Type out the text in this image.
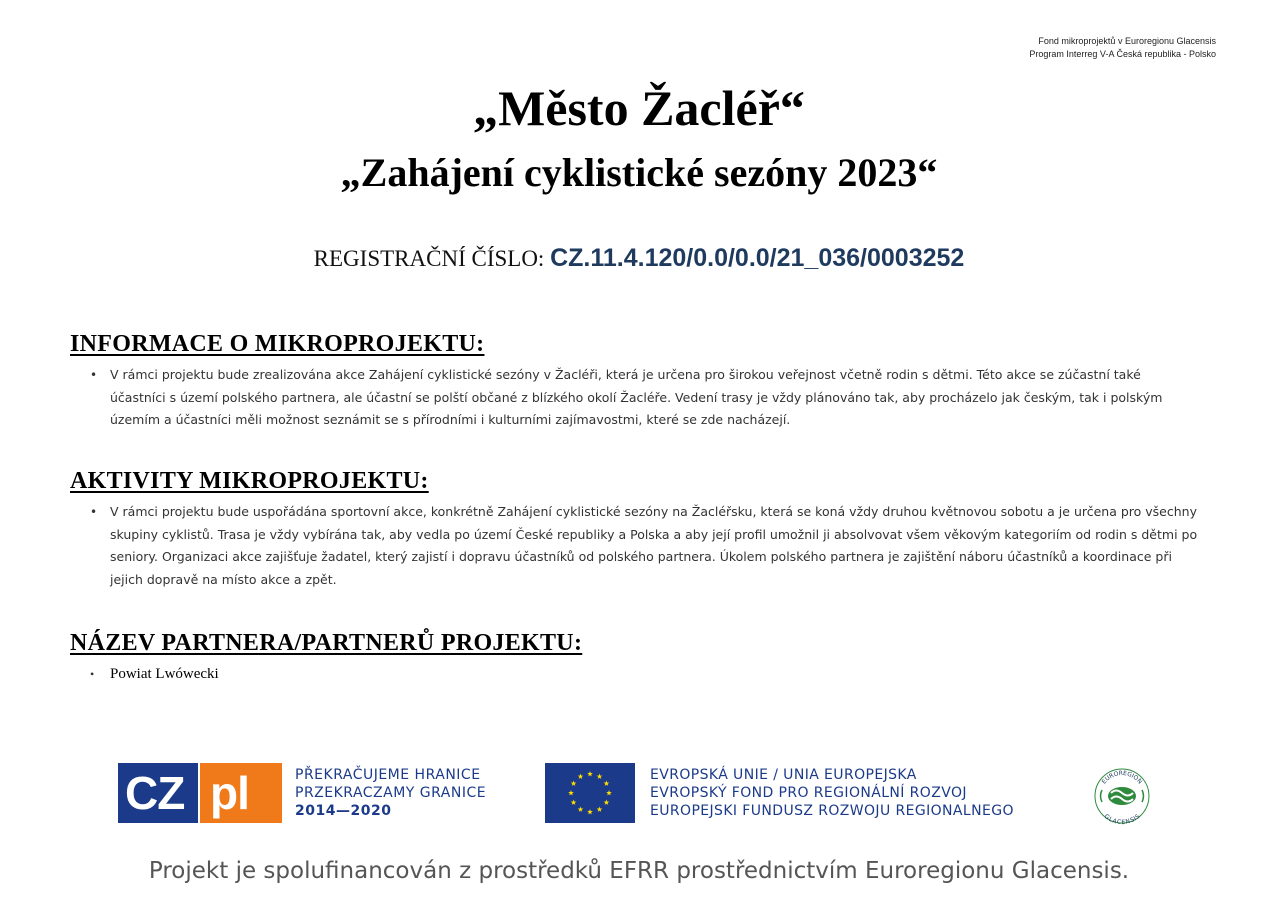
Fond mikroprojektů v Euroregionu Glacensis
Program Interreg V-A Česká republika - Polsko
„Město Žacléř“
„Zahájení cyklistické sezóny 2023“
REGISTRAČNÍ ČÍSLO: CZ.11.4.120/0.0/0.0/21_036/0003252
INFORMACE O MIKROPROJEKTU:
• V rámci projektu bude zrealizována akce Zahájení cyklistické sezóny v Žacléři, která je určena pro širokou veřejnost včetně rodin s dětmi. Této akce se zúčastní také účastníci s území polského partnera, ale účastní se polští občané z blízkého okolí Žacléře. Vedení trasy je vždy plánováno tak, aby procházelo jak českým, tak i polským územím a účastníci měli možnost seznámit se s přírodními i kulturními zajímavostmi, které se zde nacházejí.
AKTIVITY MIKROPROJEKTU:
• V rámci projektu bude uspořádána sportovní akce, konkrétně Zahájení cyklistické sezóny na Žacléřsku, která se koná vždy druhou květnovou sobotu a je určena pro všechny skupiny cyklistů. Trasa je vždy vybírána tak, aby vedla po území České republiky a Polska a aby její profil umožnil ji absolvovat všem věkovým kategoriím od rodin s dětmi po seniory. Organizaci akce zajišťuje žadatel, který zajistí i dopravu účastníků od polského partnera. Úkolem polského partnera je zajištění náboru účastníků a koordinace při jejich dopravě na místo akce a zpět.
NÁZEV PARTNERA/PARTNERŮ PROJEKTU:
• Powiat Lwówecki
CZ pl	PŘEKRAČUJEME HRANICE
PRZEKRACZAMY GRANICE
2014—2020
EVROPSKÁ UNIE / UNIA EUROPEJSKA
EVROPSKÝ FOND PRO REGIONÁLNÍ ROZVOJ
EUROPEJSKI FUNDUSZ ROZWOJU REGIONALNEGO
EUROREGION
GLACENSIS
Projekt je spolufinancován z prostředků EFRR prostřednictvím Euroregionu Glacensis.
